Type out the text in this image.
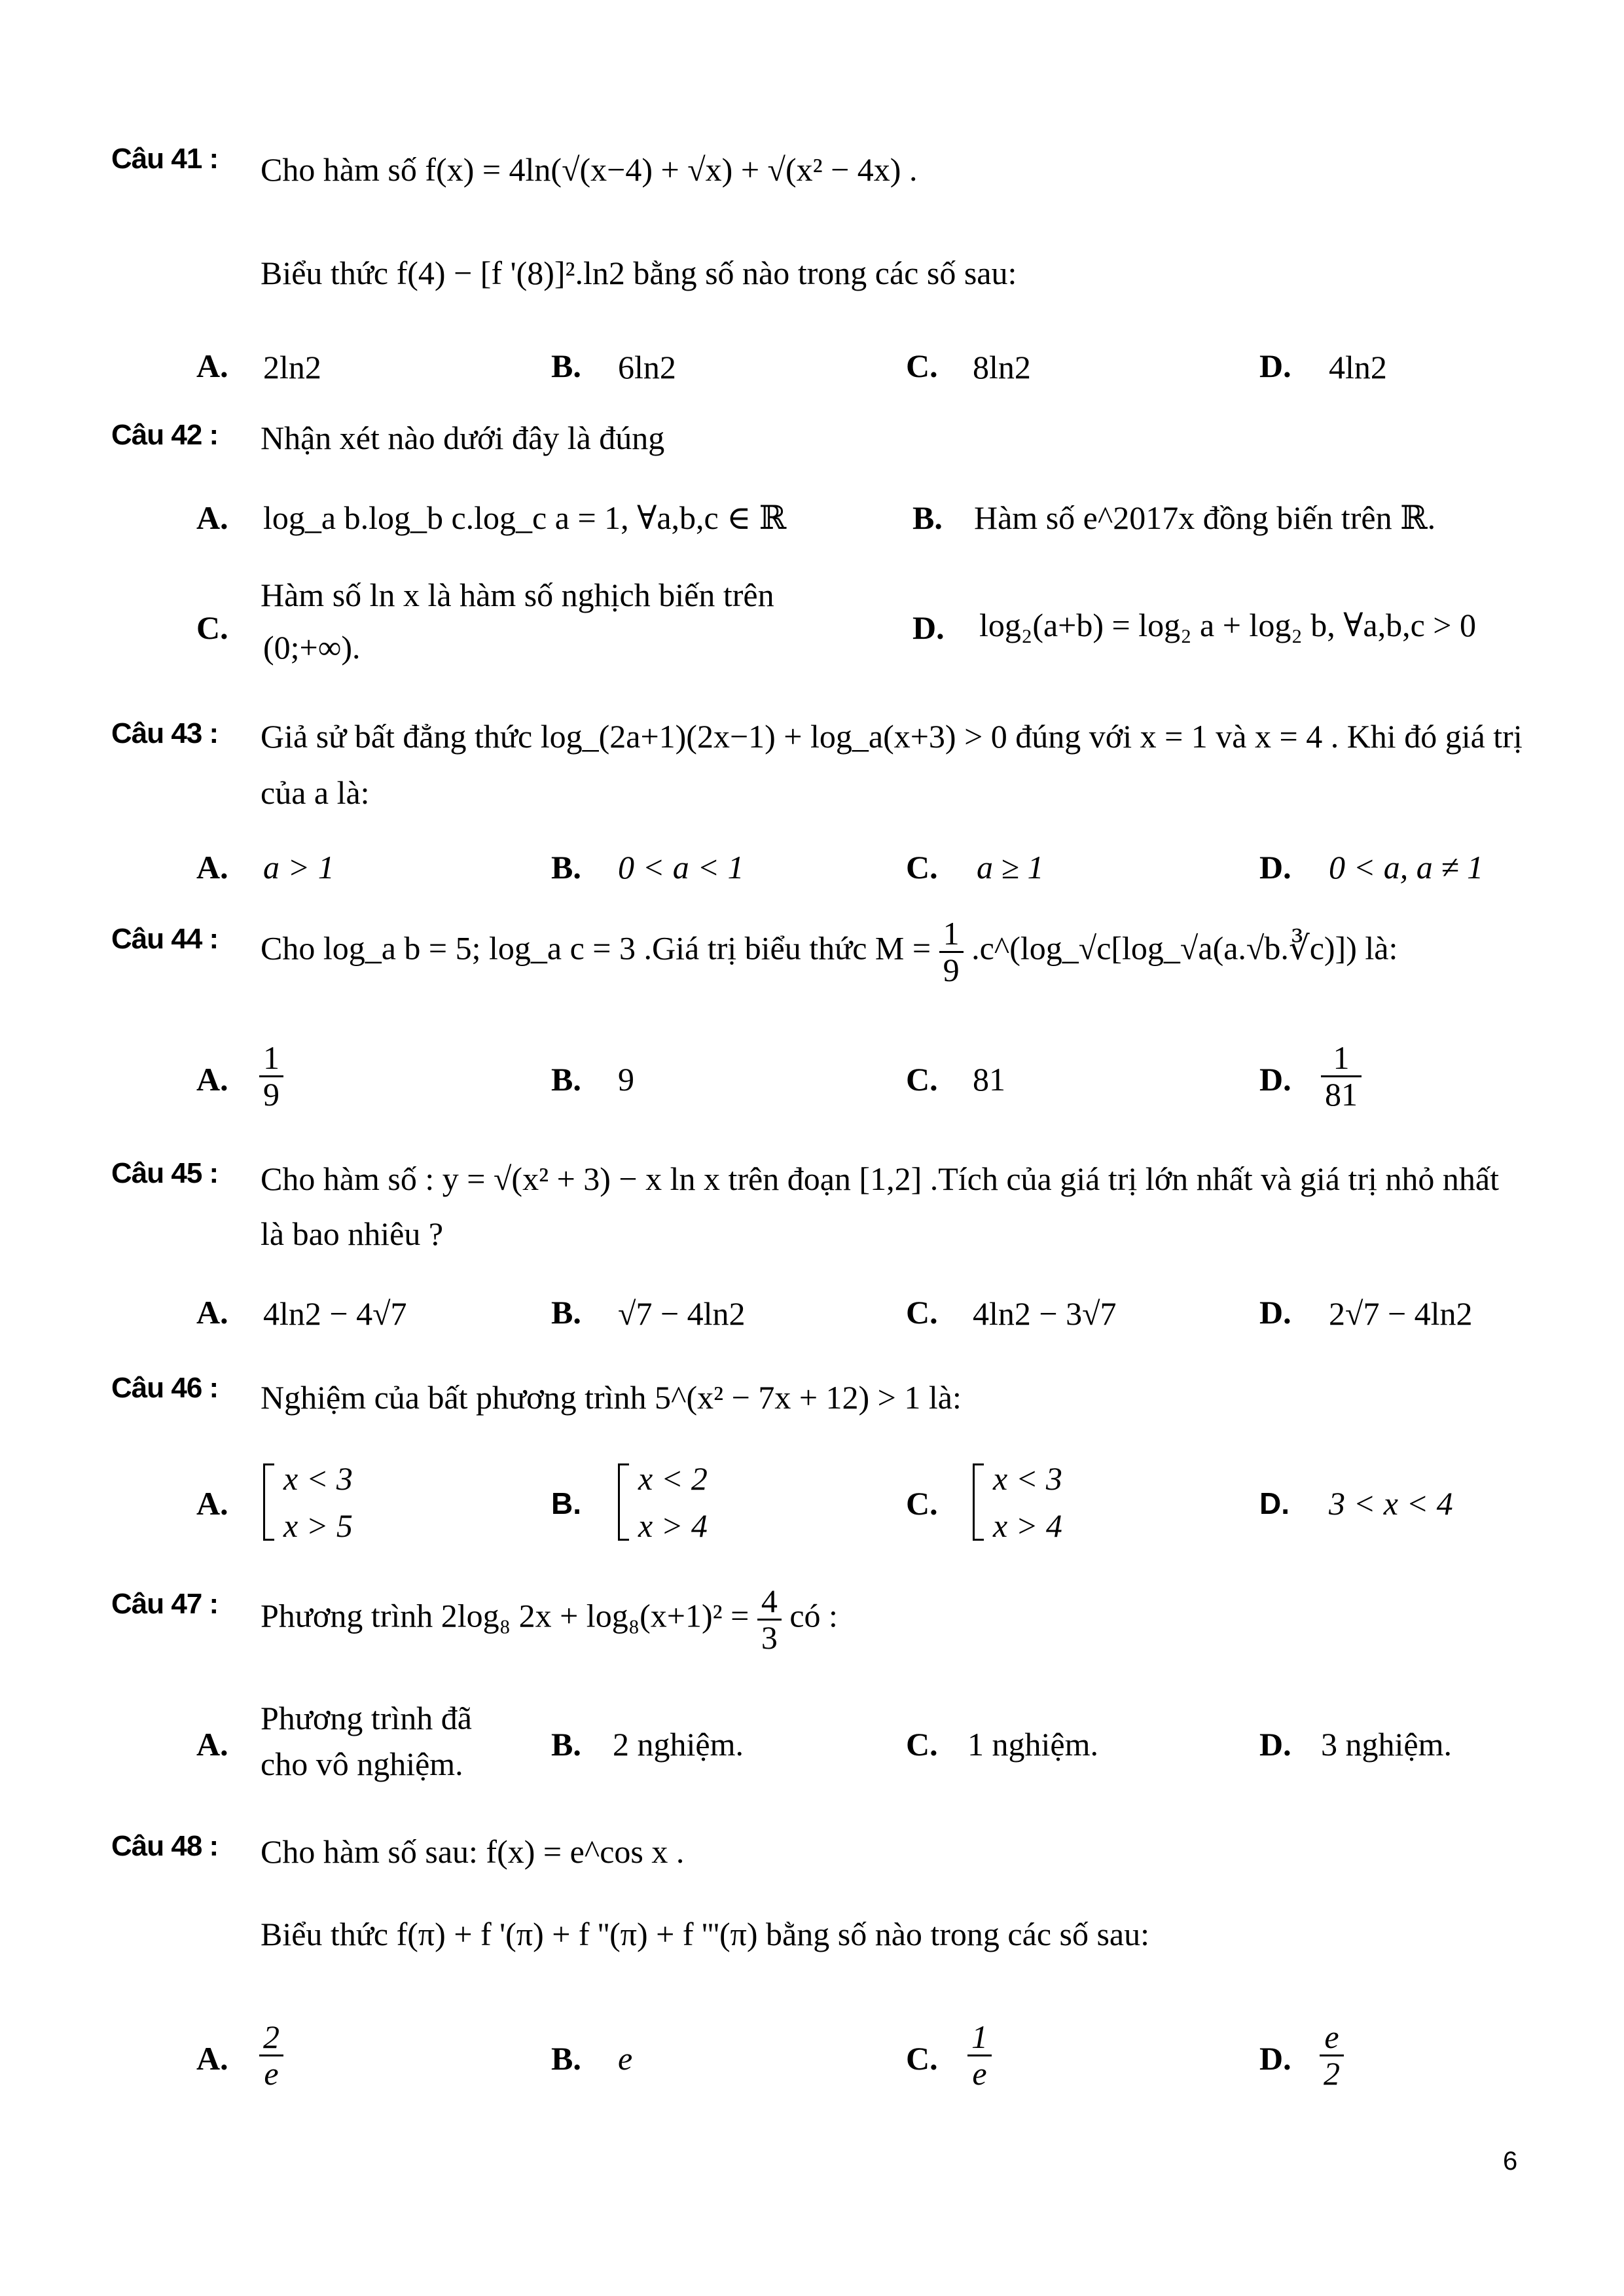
Câu 41 : Cho hàm số f(x) = 4ln(√(x−4) + √x) + √(x² − 4x) .
Biểu thức f(4) − [f '(8)]².ln2 bằng số nào trong các số sau:
A. 2ln2	B. 6ln2	C. 8ln2	D. 4ln2
Câu 42 : Nhận xét nào dưới đây là đúng
A. log_a b.log_b c.log_c a = 1, ∀a,b,c ∈ ℝ	B. Hàm số e^2017x đồng biến trên ℝ.
C.
Hàm số ln x là hàm số nghịch biến trên
(0;+∞).
D. log₂(a+b) = log₂ a + log₂ b, ∀a,b,c > 0
Câu 43 : Giả sử bất đẳng thức log_(2a+1)(2x−1) + log_a(x+3) > 0 đúng với x = 1 và x = 4 . Khi đó giá trị
của a là:
A. a > 1	B. 0 < a < 1	C. a ≥ 1	D. 0 < a, a ≠ 1
Câu 44 : Cho log_a b = 5; log_a c = 3 .Giá trị biểu thức $M = \frac{1}{9}$ .c^(log_√c[log_√a(a.√b.∛c)]) là:
A. $\frac{1}{9}$	B. 9	C. 81	D. $\frac{1}{81}$
Câu 45 : Cho hàm số : y = √(x² + 3) − x ln x trên đoạn [1,2] .Tích của giá trị lớn nhất và giá trị nhỏ nhất
là bao nhiêu ?
A. 4ln2 − 4√7	B. √7 − 4ln2	C. 4ln2 − 3√7	D. 2√7 − 4ln2
Câu 46 : Nghiệm của bất phương trình 5^(x² − 7x + 12) > 1 là:
A.
x < 3
x > 5
B.
x < 2
x > 4
C.
x < 3
x > 4
D. 3 < x < 4
Câu 47 : Phương trình 2log₈ $2x + \log_8(x+1)^2 = \frac{4}{3}$ có :
A.
Phương trình đã
cho vô nghiệm.
B. 2 nghiệm.	C. 1 nghiệm.	D. 3 nghiệm.
Câu 48 : Cho hàm số sau: f(x) = e^cos x .
Biểu thức f(π) + f '(π) + f ''(π) + f '''(π) bằng số nào trong các số sau:
A. $\frac{2}{e}$	B. e	C. $\frac{1}{e}$	D. $\frac{e}{2}$
6
